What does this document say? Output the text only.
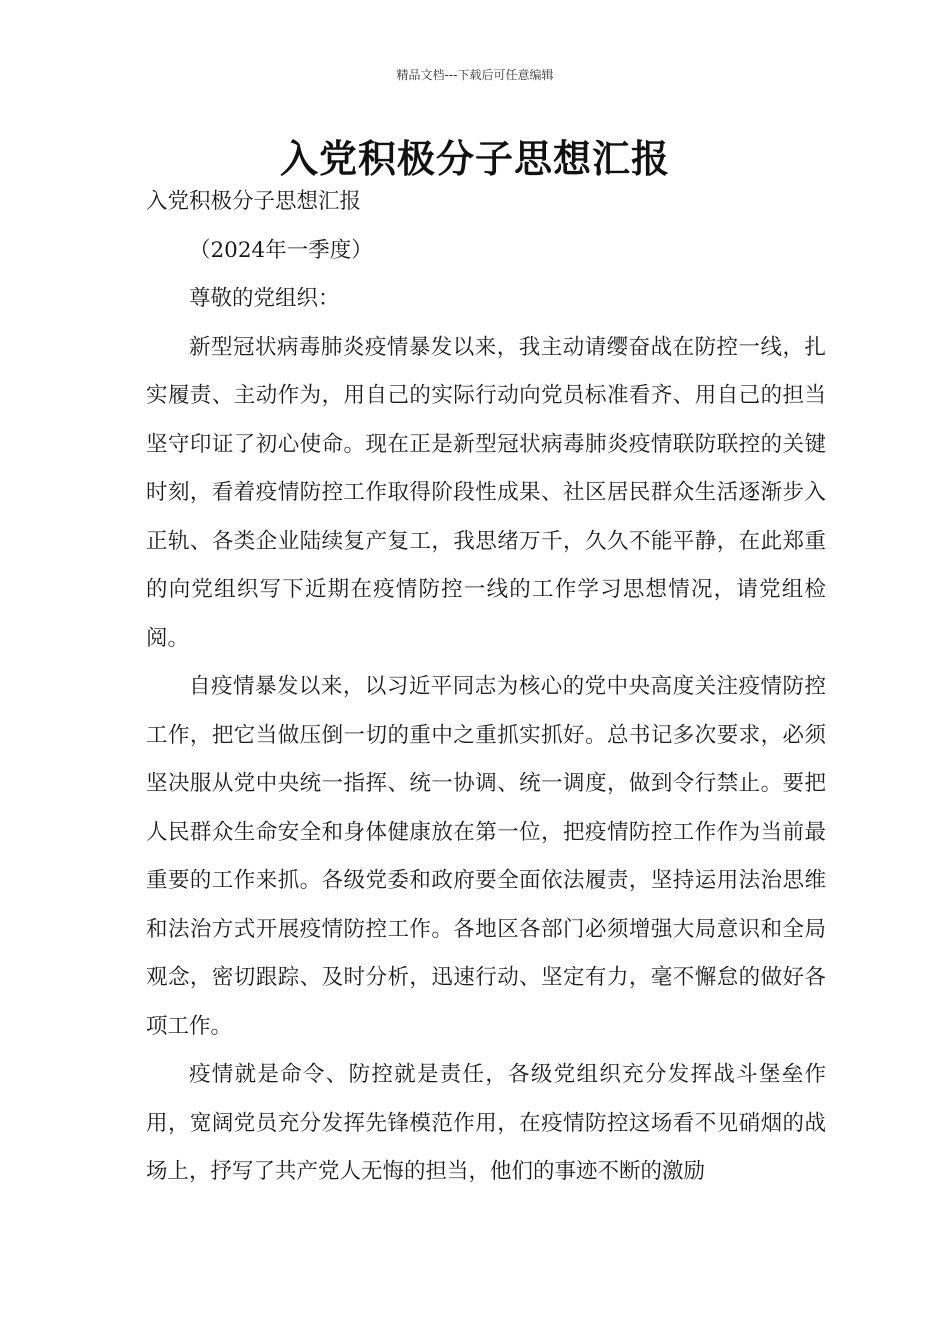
精品文档---下载后可任意编辑
入党积极分子思想汇报

入党积极分子思想汇报

（2024年一季度）

尊敬的党组织：

新型冠状病毒肺炎疫情暴发以来，我主动请缨奋战在防控一线，扎实履责、主动作为，用自己的实际行动向党员标准看齐、用自己的担当坚守印证了初心使命。现在正是新型冠状病毒肺炎疫情联防联控的关键时刻，看着疫情防控工作取得阶段性成果、社区居民群众生活逐渐步入正轨、各类企业陆续复产复工，我思绪万千，久久不能平静，在此郑重的向党组织写下近期在疫情防控一线的工作学习思想情况，请党组检阅。

自疫情暴发以来，以习近平同志为核心的党中央高度关注疫情防控工作，把它当做压倒一切的重中之重抓实抓好。总书记多次要求，必须坚决服从党中央统一指挥、统一协调、统一调度，做到令行禁止。要把人民群众生命安全和身体健康放在第一位，把疫情防控工作作为当前最重要的工作来抓。各级党委和政府要全面依法履责，坚持运用法治思维和法治方式开展疫情防控工作。各地区各部门必须增强大局意识和全局观念，密切跟踪、及时分析，迅速行动、坚定有力，毫不懈怠的做好各项工作。

疫情就是命令、防控就是责任，各级党组织充分发挥战斗堡垒作用，宽阔党员充分发挥先锋模范作用，在疫情防控这场看不见硝烟的战场上，抒写了共产党人无悔的担当，他们的事迹不断的激励
